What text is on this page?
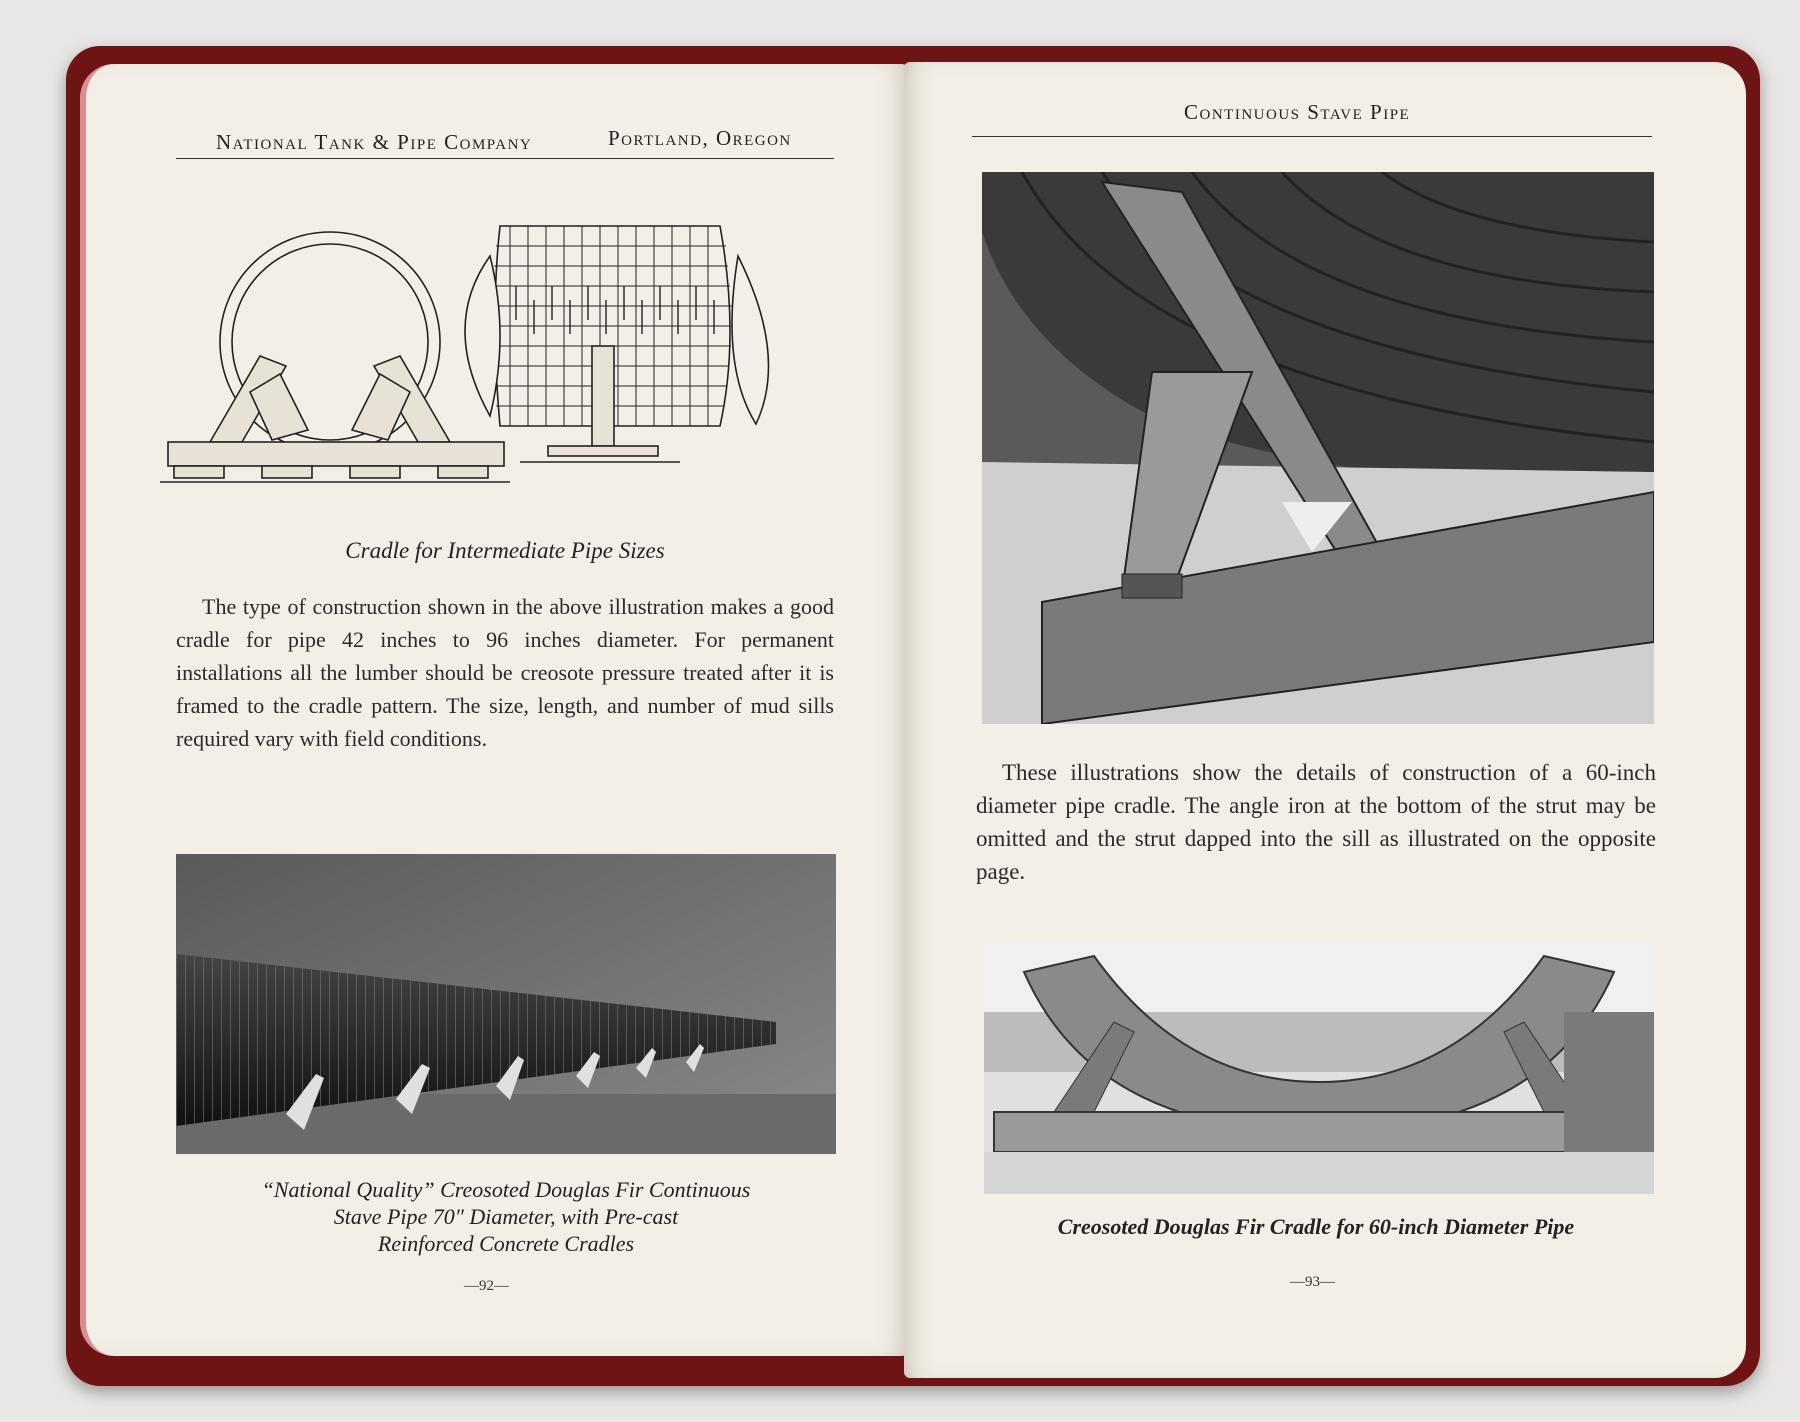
National Tank & Pipe Company	Portland, Oregon
Cradle for Intermediate Pipe Sizes

The type of construction shown in the above illustration makes a good cradle for pipe 42 inches to 96 inches diameter. For permanent installations all the lumber should be creosote pressure treated after it is framed to the cradle pattern. The size, length, and number of mud sills required vary with field conditions.

“National Quality” Creosoted Douglas Fir Continuous
Stave Pipe 70″ Diameter, with Pre-cast
Reinforced Concrete Cradles
—92—
Continuous Stave Pipe

These illustrations show the details of construction of a 60-inch diameter pipe cradle. The angle iron at the bottom of the strut may be omitted and the strut dapped into the sill as illustrated on the opposite page.

Creosoted Douglas Fir Cradle for 60-inch Diameter Pipe
—93—
